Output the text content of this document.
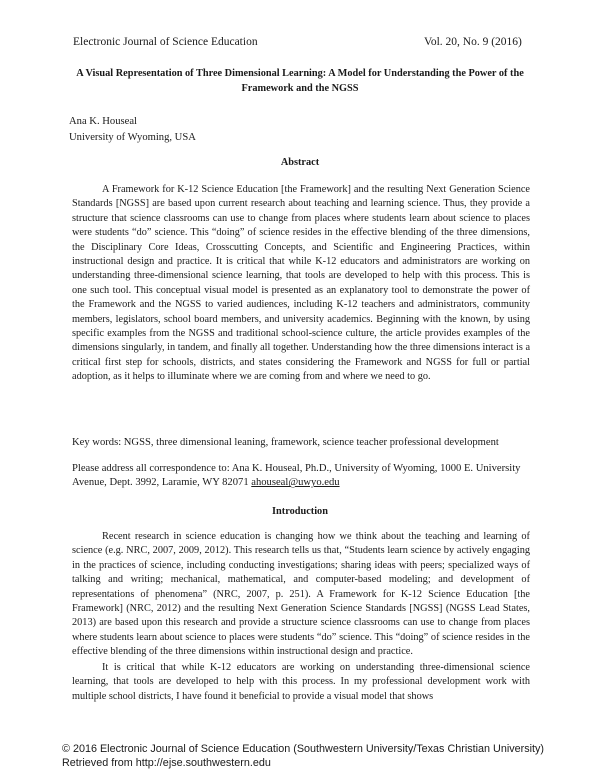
Electronic Journal of Science Education	Vol. 20, No. 9 (2016)
A Visual Representation of Three Dimensional Learning: A Model for Understanding the Power of the Framework and the NGSS
Ana K. Houseal
University of Wyoming, USA
Abstract

A Framework for K-12 Science Education [the Framework] and the resulting Next Generation Science Standards [NGSS] are based upon current research about teaching and learning science. Thus, they provide a structure that science classrooms can use to change from places where students learn about science to places were students “do” science. This “doing” of science resides in the effective blending of the three dimensions, the Disciplinary Core Ideas, Crosscutting Concepts, and Scientific and Engineering Practices, within instructional design and practice. It is critical that while K-12 educators and administrators are working on understanding three-dimensional science learning, that tools are developed to help with this process. This is one such tool. This conceptual visual model is presented as an explanatory tool to demonstrate the power of the Framework and the NGSS to varied audiences, including K-12 teachers and administrators, community members, legislators, school board members, and university academics. Beginning with the known, by using specific examples from the NGSS and traditional school-science culture, the article provides examples of the dimensions singularly, in tandem, and finally all together. Understanding how the three dimensions interact is a critical first step for schools, districts, and states considering the Framework and NGSS for full or partial adoption, as it helps to illuminate where we are coming from and where we need to go.

Key words: NGSS, three dimensional leaning, framework, science teacher professional development

Please address all correspondence to: Ana K. Houseal, Ph.D., University of Wyoming, 1000 E. University Avenue, Dept. 3992, Laramie, WY 82071 ahouseal@uwyo.edu

Introduction

Recent research in science education is changing how we think about the teaching and learning of science (e.g. NRC, 2007, 2009, 2012). This research tells us that, “Students learn science by actively engaging in the practices of science, including conducting investigations; sharing ideas with peers; specialized ways of talking and writing; mechanical, mathematical, and computer-based modeling; and development of representations of phenomena” (NRC, 2007, p. 251). A Framework for K-12 Science Education [the Framework] (NRC, 2012) and the resulting Next Generation Science Standards [NGSS] (NGSS Lead States, 2013) are based upon this research and provide a structure science classrooms can use to change from places where students learn about science to places were students “do” science. This “doing” of science resides in the effective blending of the three dimensions within instructional design and practice.

It is critical that while K-12 educators are working on understanding three-dimensional science learning, that tools are developed to help with this process. In my professional development work with multiple school districts, I have found it beneficial to provide a visual model that shows

© 2016 Electronic Journal of Science Education (Southwestern University/Texas Christian University) Retrieved from http://ejse.southwestern.edu
